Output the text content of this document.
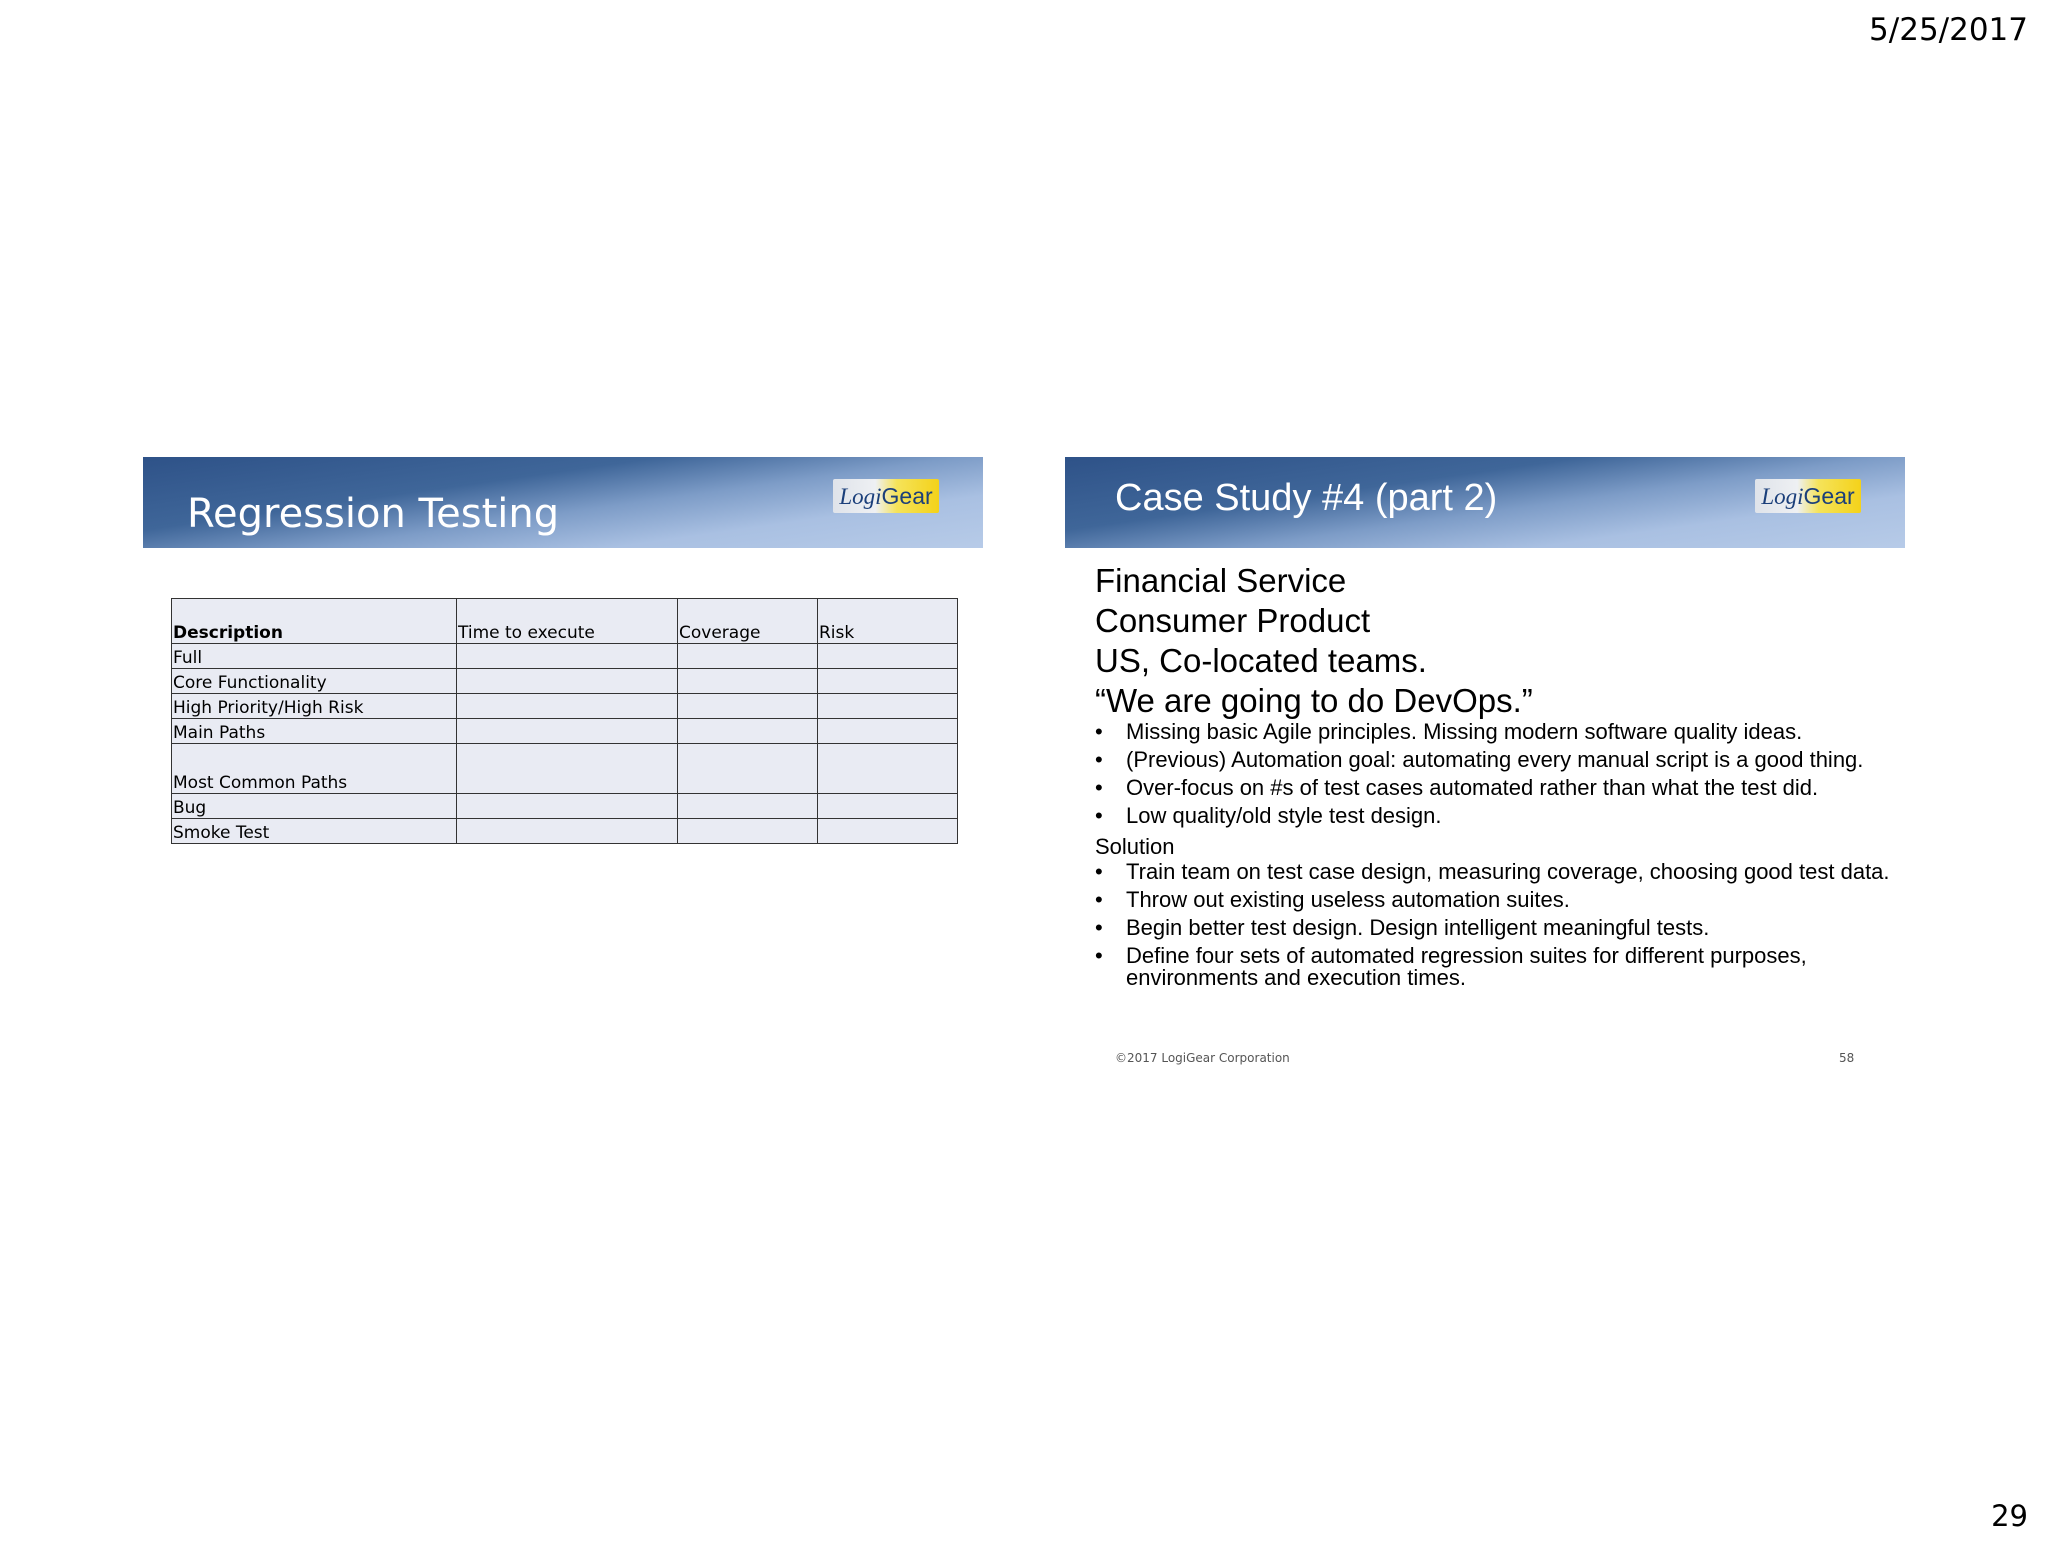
5/25/2017
Regression Testing	LogiGear
Description	Time to execute	Coverage	Risk
Full			
Core Functionality			
High Priority/High Risk			
Main Paths			
Most Common Paths			
Bug			
Smoke Test			
Case Study #4 (part 2)	LogiGear
Financial Service
Consumer Product
US, Co-located teams.
“We are going to do DevOps.”
• Missing basic Agile principles. Missing modern software quality ideas.
• (Previous) Automation goal: automating every manual script is a good thing.
• Over-focus on #s of test cases automated rather than what the test did.
• Low quality/old style test design.
Solution
• Train team on test case design, measuring coverage, choosing good test data.
• Throw out existing useless automation suites.
• Begin better test design. Design intelligent meaningful tests.
• Define four sets of automated regression suites for different purposes, environments and execution times.
©2017 LogiGear Corporation	58
29
